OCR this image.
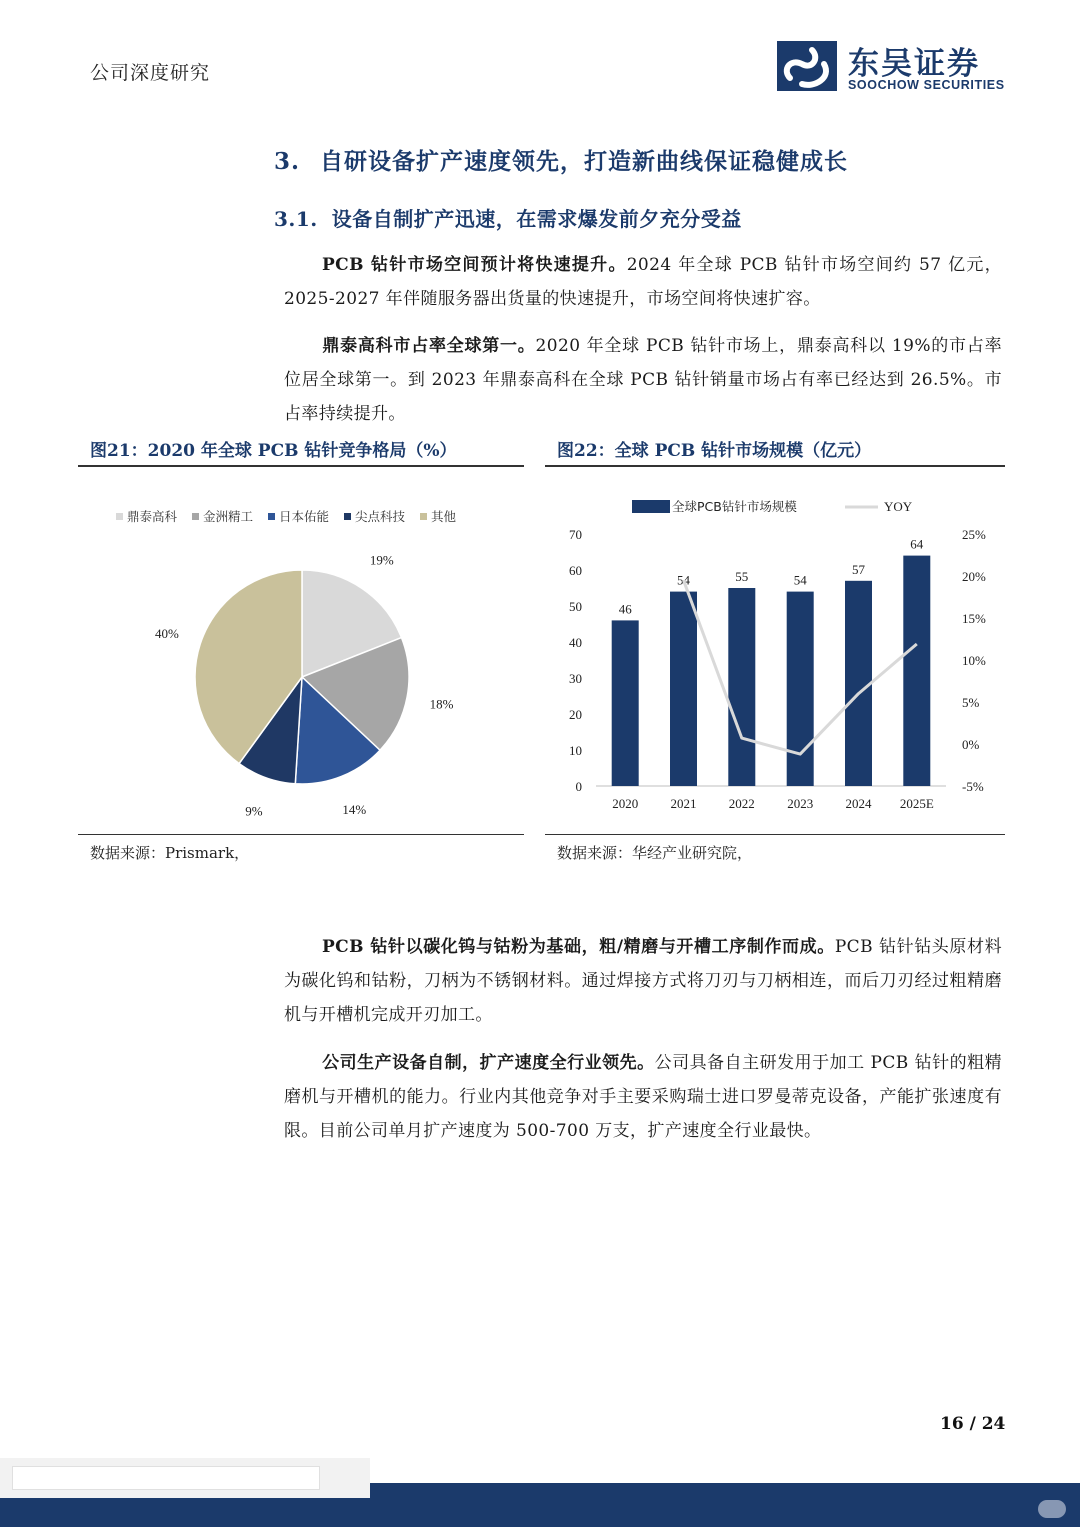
公司深度研究	东吴证券
SOOCHOW SECURITIES
3. 自研设备扩产速度领先，打造新曲线保证稳健成长
3.1. 设备自制扩产迅速，在需求爆发前夕充分受益
PCB 钻针市场空间预计将快速提升。2024 年全球 PCB 钻针市场空间约 57 亿元，2025-2027 年伴随服务器出货量的快速提升，市场空间将快速扩容。
鼎泰高科市占率全球第一。2020 年全球 PCB 钻针市场上，鼎泰高科以 19%的市占率位居全球第一。到 2023 年鼎泰高科在全球 PCB 钻针销量市场占有率已经达到 26.5%。市占率持续提升。
图21：2020 年全球 PCB 钻针竞争格局（%）	图22：全球 PCB 钻针市场规模（亿元）
鼎泰高科 金洲精工 日本佑能 尖点科技 其他
19%
18%
14%
9%
40%
全球PCB钻针市场规模	YOY
0
10
20
30
40
50
60
70
-5%
0%
5%
10%
15%
20%
25%
46
2020
54
2021
55
2022
54
2023
57
2024
64
2025E
数据来源：Prismark，	数据来源：华经产业研究院，
PCB 钻针以碳化钨与钴粉为基础，粗/精磨与开槽工序制作而成。PCB 钻针钻头原材料为碳化钨和钴粉，刀柄为不锈钢材料。通过焊接方式将刀刃与刀柄相连，而后刀刃经过粗精磨机与开槽机完成开刃加工。
公司生产设备自制，扩产速度全行业领先。公司具备自主研发用于加工 PCB 钻针的粗精磨机与开槽机的能力。行业内其他竞争对手主要采购瑞士进口罗曼蒂克设备，产能扩张速度有限。目前公司单月扩产速度为 500-700 万支，扩产速度全行业最快。
16 / 24
